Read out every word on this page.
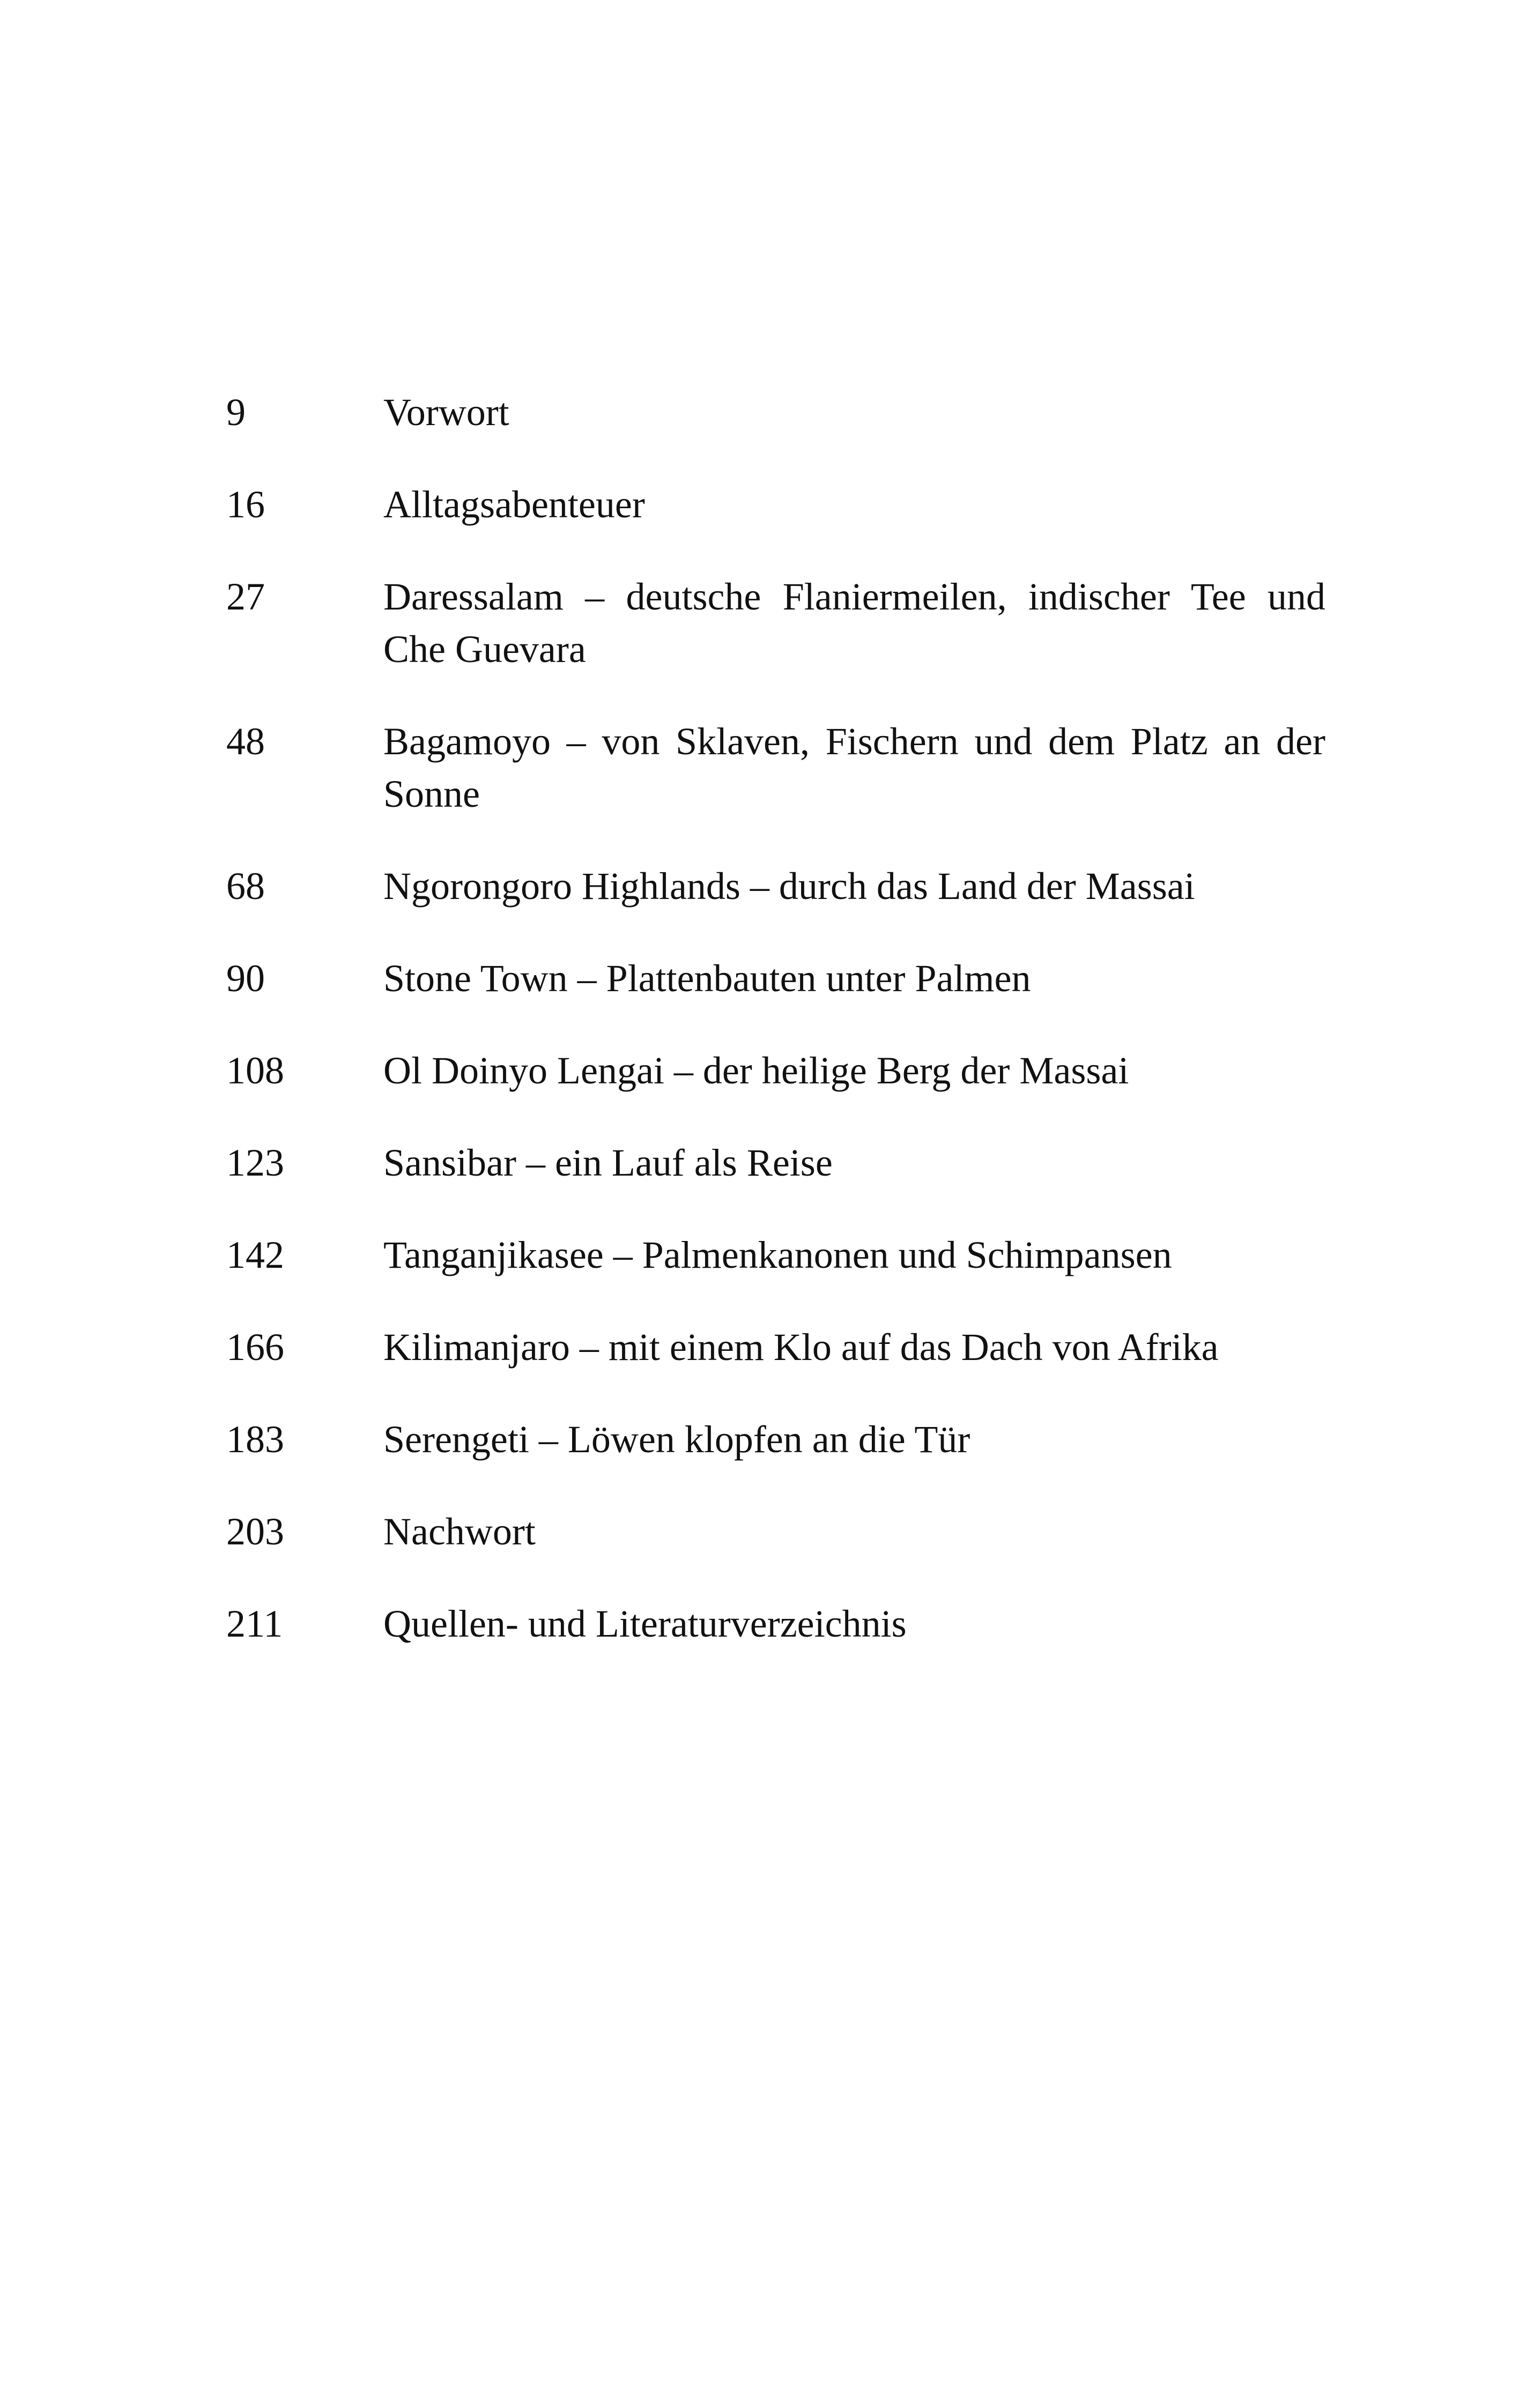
9	Vorwort
16	Alltagsabenteuer
27	Daressalam – deutsche Flaniermeilen, indischer Tee und Che Guevara
48	Bagamoyo – von Sklaven, Fischern und dem Platz an der Sonne
68	Ngorongoro Highlands – durch das Land der Massai
90	Stone Town – Plattenbauten unter Palmen
108	Ol Doinyo Lengai – der heilige Berg der Massai
123	Sansibar – ein Lauf als Reise
142	Tanganjikasee – Palmenkanonen und Schimpansen
166	Kilimanjaro – mit einem Klo auf das Dach von Afrika
183	Serengeti – Löwen klopfen an die Tür
203	Nachwort
211	Quellen- und Literaturverzeichnis
